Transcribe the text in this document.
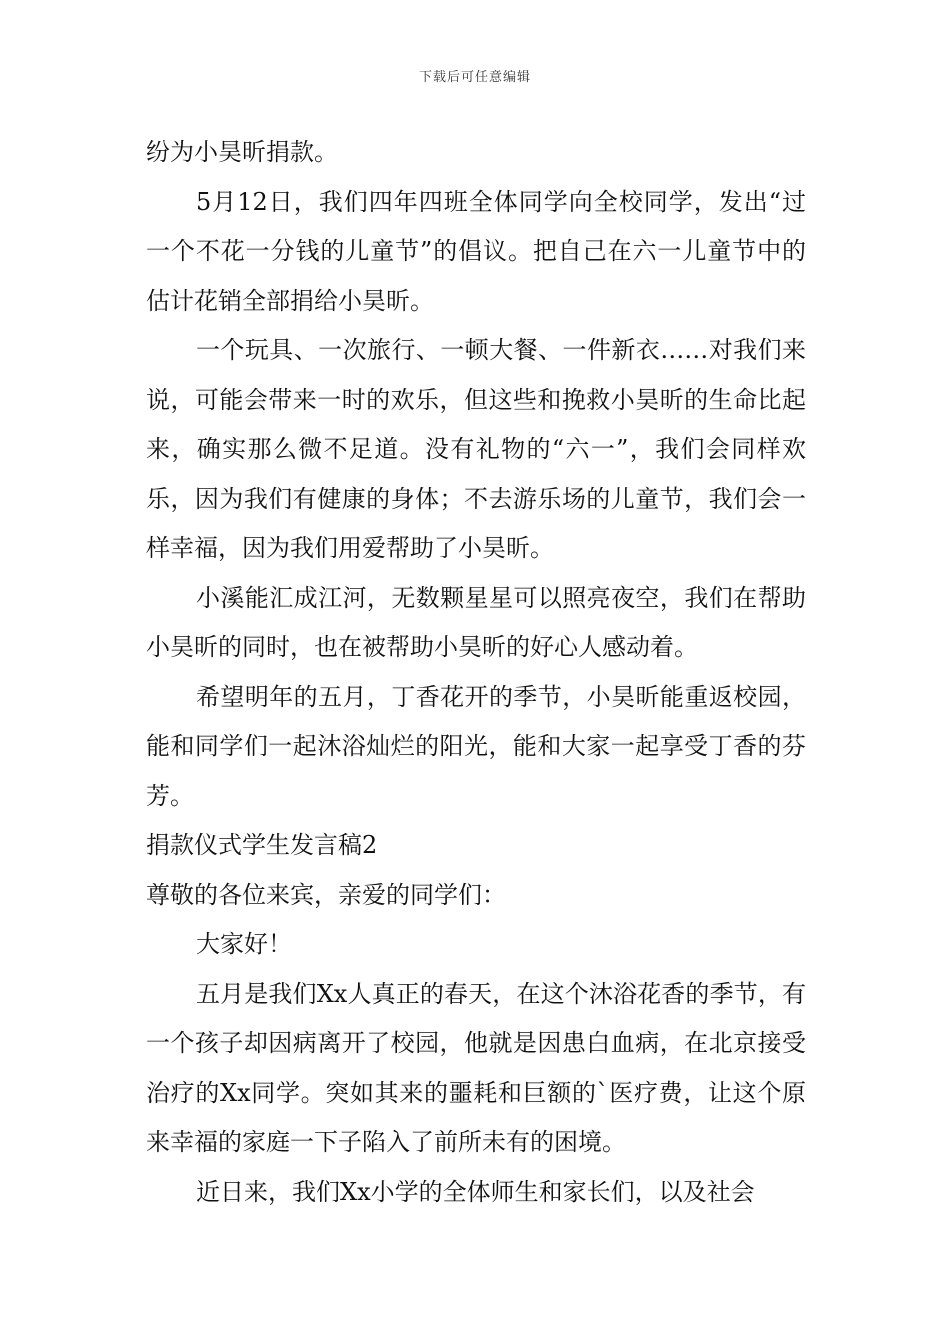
下载后可任意编辑

纷为小昊昕捐款。

5月12日，我们四年四班全体同学向全校同学，发出“过一个不花一分钱的儿童节”的倡议。把自己在六一儿童节中的估计花销全部捐给小昊昕。

一个玩具、一次旅行、一顿大餐、一件新衣……对我们来说，可能会带来一时的欢乐，但这些和挽救小昊昕的生命比起来，确实那么微不足道。没有礼物的“六一”，我们会同样欢乐，因为我们有健康的身体；不去游乐场的儿童节，我们会一样幸福，因为我们用爱帮助了小昊昕。

小溪能汇成江河，无数颗星星可以照亮夜空，我们在帮助小昊昕的同时，也在被帮助小昊昕的好心人感动着。

希望明年的五月，丁香花开的季节，小昊昕能重返校园，能和同学们一起沐浴灿烂的阳光，能和大家一起享受丁香的芬芳。

捐款仪式学生发言稿2

尊敬的各位来宾，亲爱的同学们：

大家好！

五月是我们Xx人真正的春天，在这个沐浴花香的季节，有一个孩子却因病离开了校园，他就是因患白血病，在北京接受治疗的Xx同学。突如其来的噩耗和巨额的`医疗费，让这个原来幸福的家庭一下子陷入了前所未有的困境。

近日来，我们Xx小学的全体师生和家长们，以及社会
